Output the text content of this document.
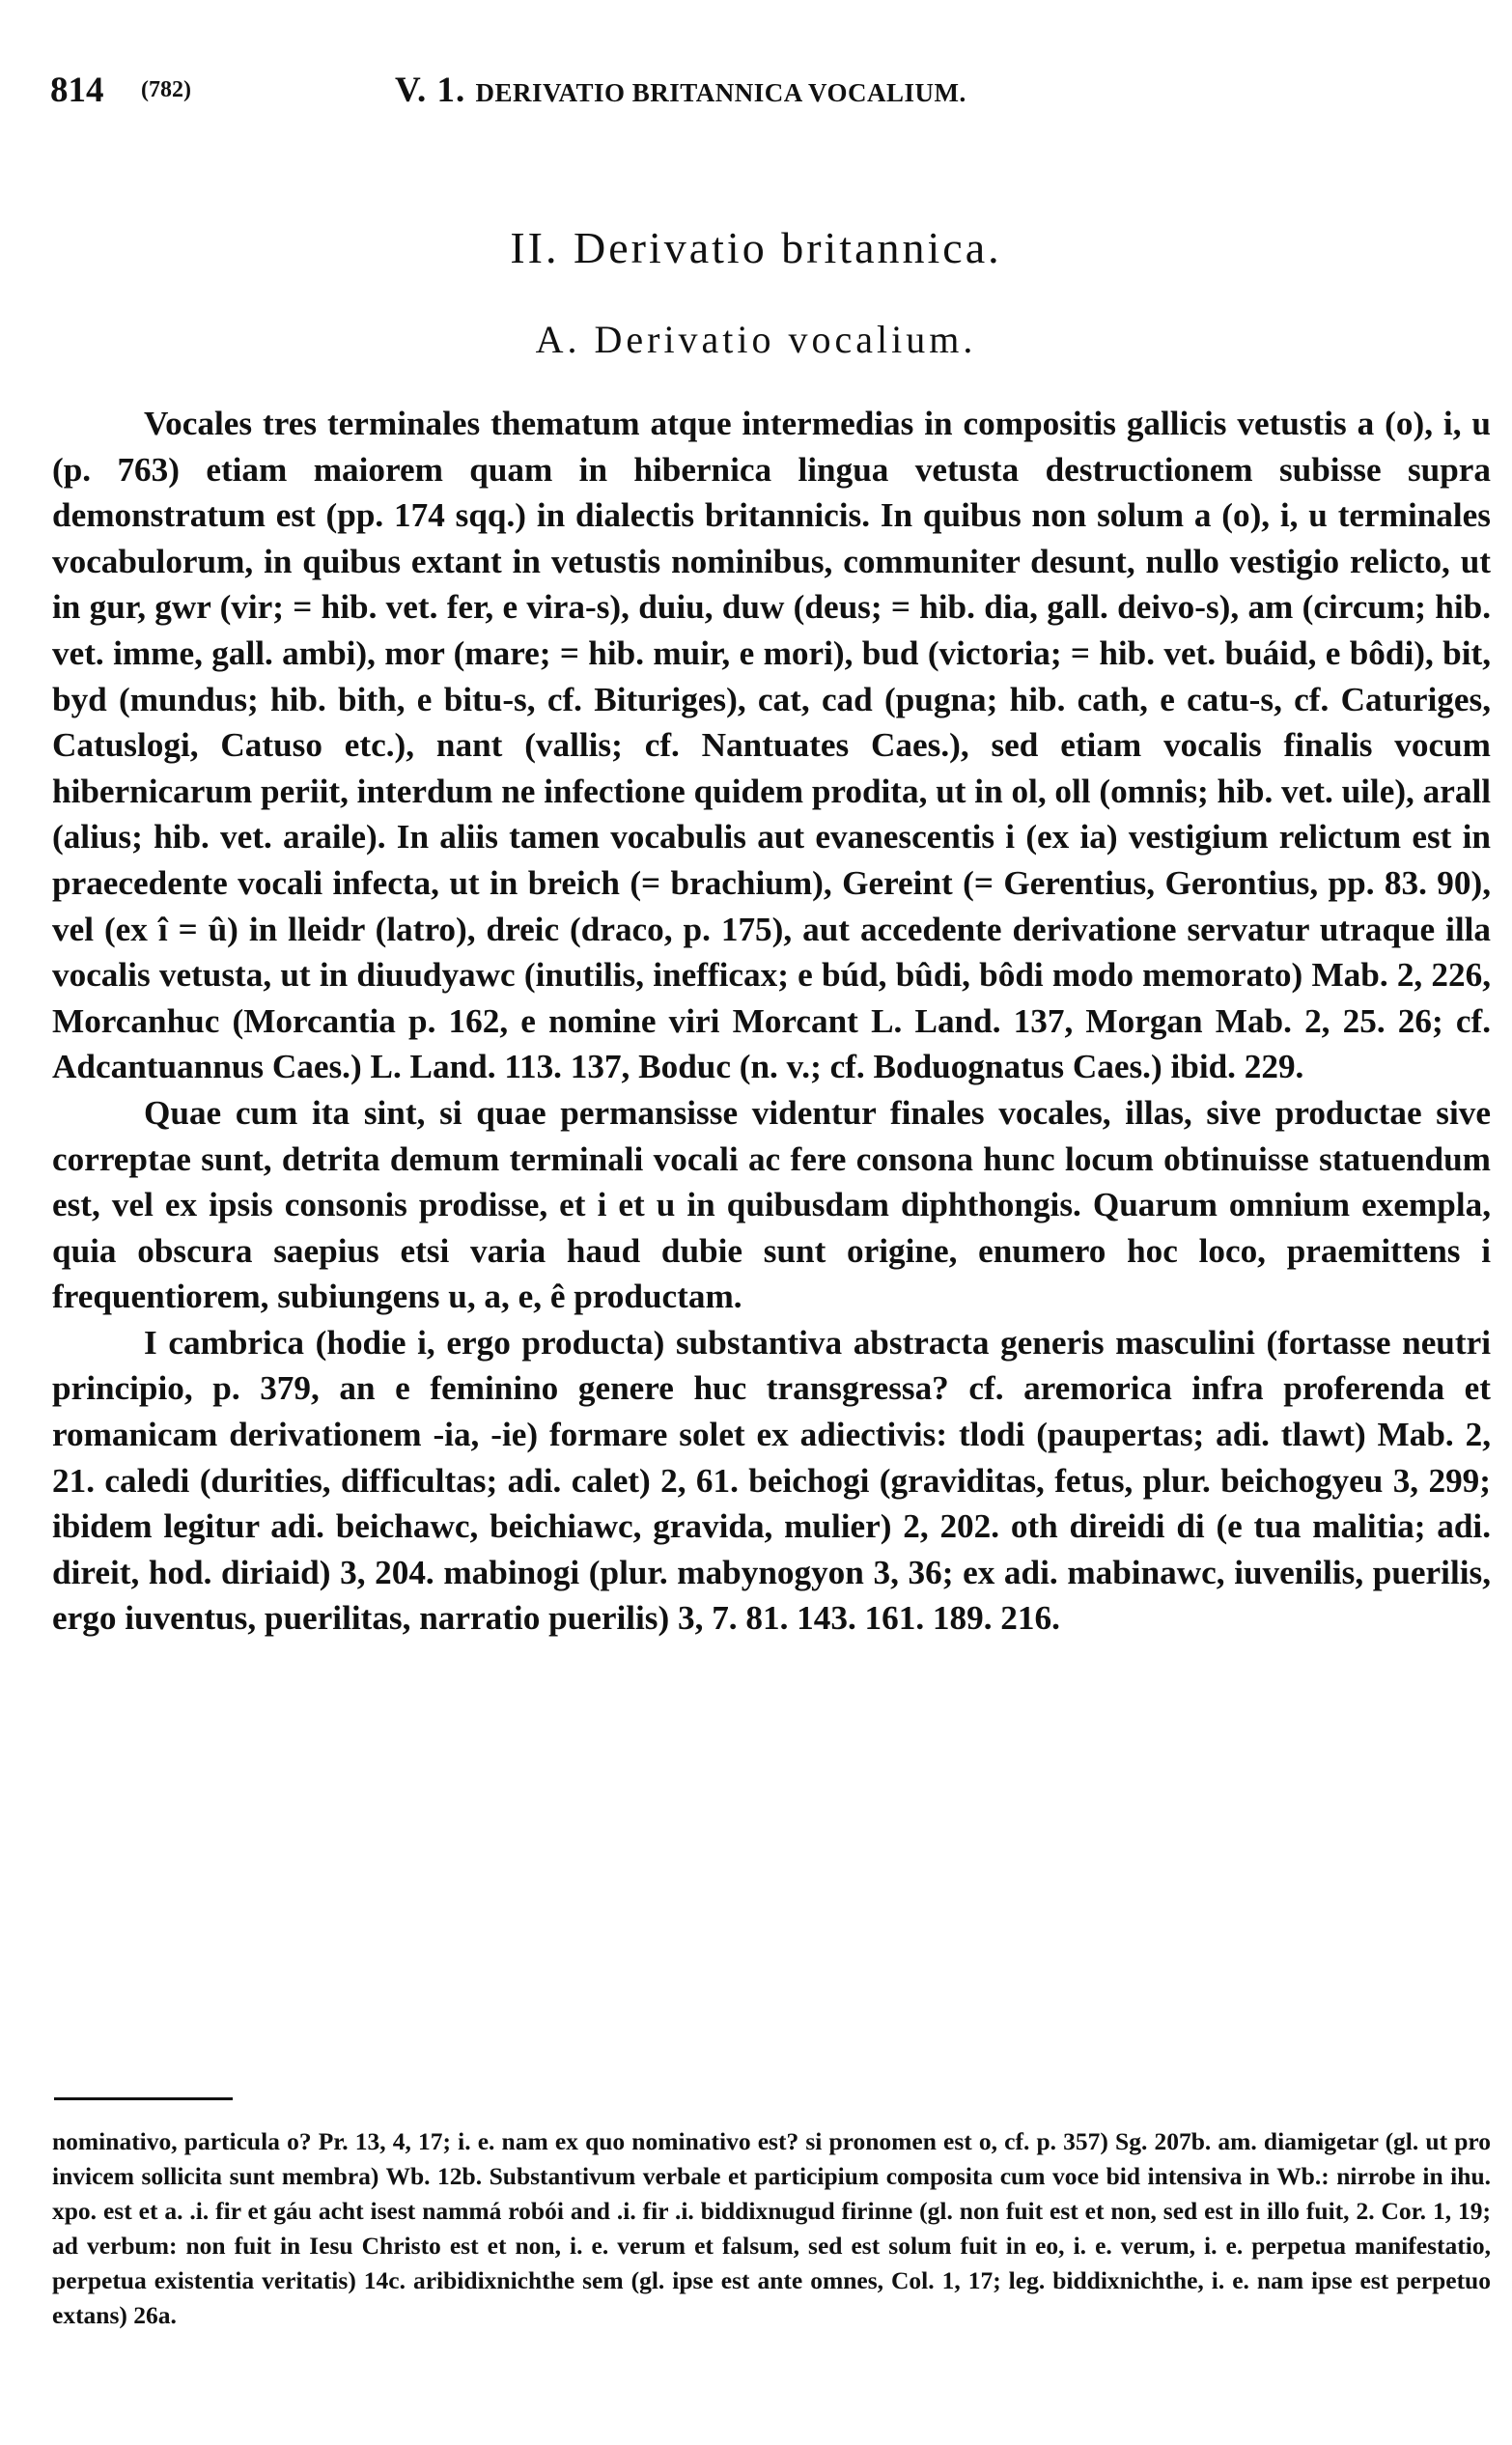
814 (782)	V. 1. DERIVATIO BRITANNICA VOCALIUM.
II. Derivatio britannica.
A. Derivatio vocalium.

Vocales tres terminales thematum atque intermedias in compositis gallicis vetustis a (o), i, u (p. 763) etiam maiorem quam in hibernica lingua vetusta destructionem subisse supra demonstratum est (pp. 174 sqq.) in dialectis britannicis. In quibus non solum a (o), i, u terminales vocabulorum, in quibus extant in vetustis nominibus, communiter desunt, nullo vestigio relicto, ut in gur, gwr (vir; = hib. vet. fer, e vira-s), duiu, duw (deus; = hib. dia, gall. deivo-s), am (circum; hib. vet. imme, gall. ambi), mor (mare; = hib. muir, e mori), bud (victoria; = hib. vet. buáid, e bôdi), bit, byd (mundus; hib. bith, e bitu-s, cf. Bituriges), cat, cad (pugna; hib. cath, e catu-s, cf. Caturiges, Catuslogi, Catuso etc.), nant (vallis; cf. Nantuates Caes.), sed etiam vocalis finalis vocum hibernicarum periit, interdum ne infectione quidem prodita, ut in ol, oll (omnis; hib. vet. uile), arall (alius; hib. vet. araile). In aliis tamen vocabulis aut evanescentis i (ex ia) vestigium relictum est in praecedente vocali infecta, ut in breich (= brachium), Gereint (= Gerentius, Gerontius, pp. 83. 90), vel (ex î = û) in lleidr (latro), dreic (draco, p. 175), aut accedente derivatione servatur utraque illa vocalis vetusta, ut in diuudyawc (inutilis, inefficax; e búd, bûdi, bôdi modo memorato) Mab. 2, 226, Morcanhuc (Morcantia p. 162, e nomine viri Morcant L. Land. 137, Morgan Mab. 2, 25. 26; cf. Adcantuannus Caes.) L. Land. 113. 137, Boduc (n. v.; cf. Boduognatus Caes.) ibid. 229.

Quae cum ita sint, si quae permansisse videntur finales vocales, illas, sive productae sive correptae sunt, detrita demum terminali vocali ac fere consona hunc locum obtinuisse statuendum est, vel ex ipsis consonis prodisse, et i et u in quibusdam diphthongis. Quarum omnium exempla, quia obscura saepius etsi varia haud dubie sunt origine, enumero hoc loco, praemittens i frequentiorem, subiungens u, a, e, ê productam.

I cambrica (hodie i, ergo producta) substantiva abstracta generis masculini (fortasse neutri principio, p. 379, an e feminino genere huc transgressa? cf. aremorica infra proferenda et romanicam derivationem -ia, -ie) formare solet ex adiectivis: tlodi (paupertas; adi. tlawt) Mab. 2, 21. caledi (durities, difficultas; adi. calet) 2, 61. beichogi (graviditas, fetus, plur. beichogyeu 3, 299; ibidem legitur adi. beichawc, beichiawc, gravida, mulier) 2, 202. oth direidi di (e tua malitia; adi. direit, hod. diriaid) 3, 204. mabinogi (plur. mabynogyon 3, 36; ex adi. mabinawc, iuvenilis, puerilis, ergo iuventus, puerilitas, narratio puerilis) 3, 7. 81. 143. 161. 189. 216.

nominativo, particula o? Pr. 13, 4, 17; i. e. nam ex quo nominativo est? si pronomen est o, cf. p. 357) Sg. 207b. am. diamigetar (gl. ut pro invicem sollicita sunt membra) Wb. 12b. Substantivum verbale et participium composita cum voce bid intensiva in Wb.: nirrobe in ihu. xpo. est et a. .i. fir et gáu acht isest nammá robói and .i. fir .i. biddixnugud firinne (gl. non fuit est et non, sed est in illo fuit, 2. Cor. 1, 19; ad verbum: non fuit in Iesu Christo est et non, i. e. verum et falsum, sed est solum fuit in eo, i. e. verum, i. e. perpetua manifestatio, perpetua existentia veritatis) 14c. aribidixnichthe sem (gl. ipse est ante omnes, Col. 1, 17; leg. biddixnichthe, i. e. nam ipse est perpetuo extans) 26a.
